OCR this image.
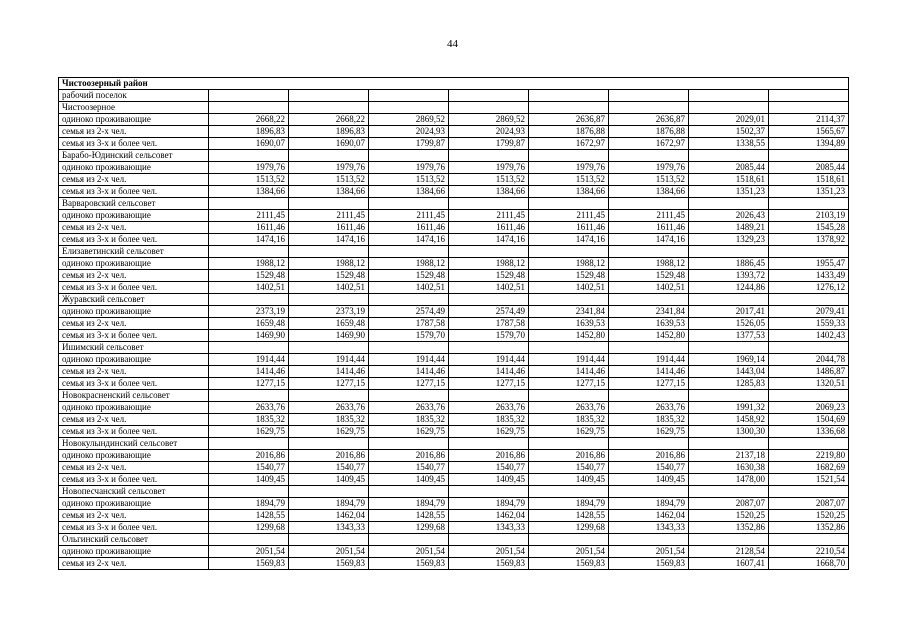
44
Чистоозерный район								
рабочий поселок								
Чистоозерное								
одиноко проживающие	2668,22	2668,22	2869,52	2869,52	2636,87	2636,87	2029,01	2114,37
семья из 2-х чел.	1896,83	1896,83	2024,93	2024,93	1876,88	1876,88	1502,37	1565,67
семья из 3-х и более чел.	1690,07	1690,07	1799,87	1799,87	1672,97	1672,97	1338,55	1394,89
Барабо-Юдинский сельсовет								
одиноко проживающие	1979,76	1979,76	1979,76	1979,76	1979,76	1979,76	2085,44	2085,44
семья из 2-х чел.	1513,52	1513,52	1513,52	1513,52	1513,52	1513,52	1518,61	1518,61
семья из 3-х и более чел.	1384,66	1384,66	1384,66	1384,66	1384,66	1384,66	1351,23	1351,23
Варваровский сельсовет								
одиноко проживающие	2111,45	2111,45	2111,45	2111,45	2111,45	2111,45	2026,43	2103,19
семья из 2-х чел.	1611,46	1611,46	1611,46	1611,46	1611,46	1611,46	1489,21	1545,28
семья из 3-х и более чел.	1474,16	1474,16	1474,16	1474,16	1474,16	1474,16	1329,23	1378,92
Елизаветинский сельсовет								
одиноко проживающие	1988,12	1988,12	1988,12	1988,12	1988,12	1988,12	1886,45	1955,47
семья из 2-х чел.	1529,48	1529,48	1529,48	1529,48	1529,48	1529,48	1393,72	1433,49
семья из 3-х и более чел.	1402,51	1402,51	1402,51	1402,51	1402,51	1402,51	1244,86	1276,12
Журавский сельсовет								
одиноко проживающие	2373,19	2373,19	2574,49	2574,49	2341,84	2341,84	2017,41	2079,41
семья из 2-х чел.	1659,48	1659,48	1787,58	1787,58	1639,53	1639,53	1526,05	1559,33
семья из 3-х и более чел.	1469,90	1469,90	1579,70	1579,70	1452,80	1452,80	1377,53	1402,43
Ишимский сельсовет								
одиноко проживающие	1914,44	1914,44	1914,44	1914,44	1914,44	1914,44	1969,14	2044,78
семья из 2-х чел.	1414,46	1414,46	1414,46	1414,46	1414,46	1414,46	1443,04	1486,87
семья из 3-х и более чел.	1277,15	1277,15	1277,15	1277,15	1277,15	1277,15	1285,83	1320,51
Новокрасненский сельсовет								
одиноко проживающие	2633,76	2633,76	2633,76	2633,76	2633,76	2633,76	1991,32	2069,23
семья из 2-х чел.	1835,32	1835,32	1835,32	1835,32	1835,32	1835,32	1458,92	1504,69
семья из 3-х и более чел.	1629,75	1629,75	1629,75	1629,75	1629,75	1629,75	1300,30	1336,68
Новокулындинский сельсовет								
одиноко проживающие	2016,86	2016,86	2016,86	2016,86	2016,86	2016,86	2137,18	2219,80
семья из 2-х чел.	1540,77	1540,77	1540,77	1540,77	1540,77	1540,77	1630,38	1682,69
семья из 3-х и более чел.	1409,45	1409,45	1409,45	1409,45	1409,45	1409,45	1478,00	1521,54
Новопесчанский сельсовет								
одиноко проживающие	1894,79	1894,79	1894,79	1894,79	1894,79	1894,79	2087,07	2087,07
семья из 2-х чел.	1428,55	1462,04	1428,55	1462,04	1428,55	1462,04	1520,25	1520,25
семья из 3-х и более чел.	1299,68	1343,33	1299,68	1343,33	1299,68	1343,33	1352,86	1352,86
Ольгинский сельсовет								
одиноко проживающие	2051,54	2051,54	2051,54	2051,54	2051,54	2051,54	2128,54	2210,54
семья из 2-х чел.	1569,83	1569,83	1569,83	1569,83	1569,83	1569,83	1607,41	1668,70
